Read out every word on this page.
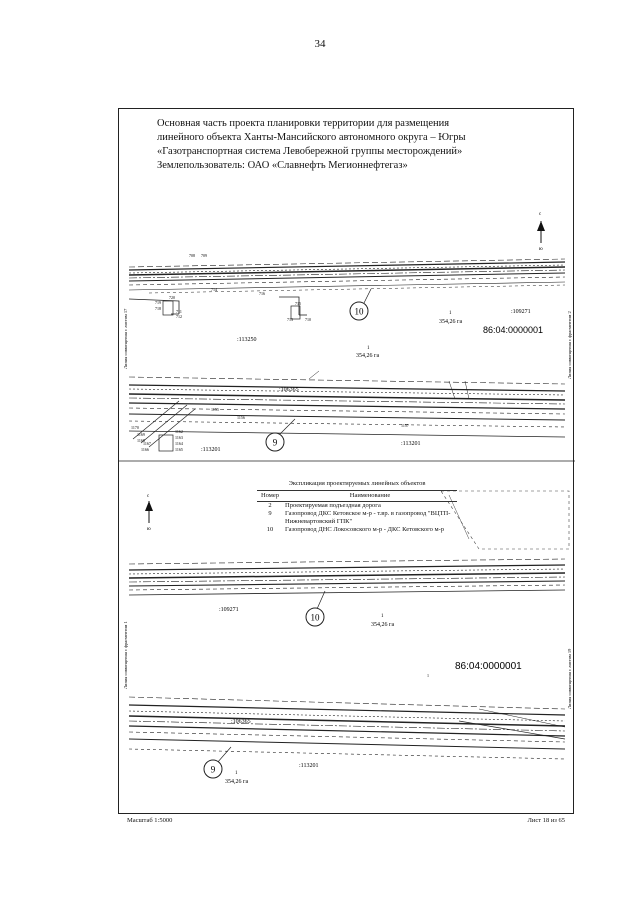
34
Основная часть проекта планировки территории для размещения
линейного объекта Ханты-Мансийского автономного округа – Югры
«Газотранспортная система Левобережной группы месторождений»
Землепользователь: ОАО «Славнефть Мегионнефтегаз»
с
ю
708 709
710
711
712
713
720
719
718
714
715
716
10	:109271
1
354,26 га
86:04:0000001
:113250
1
354,26 га
:106365
1162
1163
1164
1165
1166
1167
1168
1169
1170	1157
1156
1155
9
:113201
:113201
с
ю
10
:109271
1
354,26 га
86:04:0000001
1
:106365
:113201
9	1
354,26 га
Линия совмещения с листом 17	Линия совмещения с фрагментом 2
Линия совмещения с фрагментом 1	Линия совмещения с листом 19
Экспликация проектируемых линейных объектов
Номер	Наименование
2	Проектируемая подъездная дорога
9	Газопровод ДКС Кетовское м-р - т.вр. в газопровод "ВЦТП-Нижневартовский ГПК"
10	Газопровод ДНС Локосовского м-р - ДКС Кетовского м-р
Масштаб 1:5000	Лист 18 из 65
